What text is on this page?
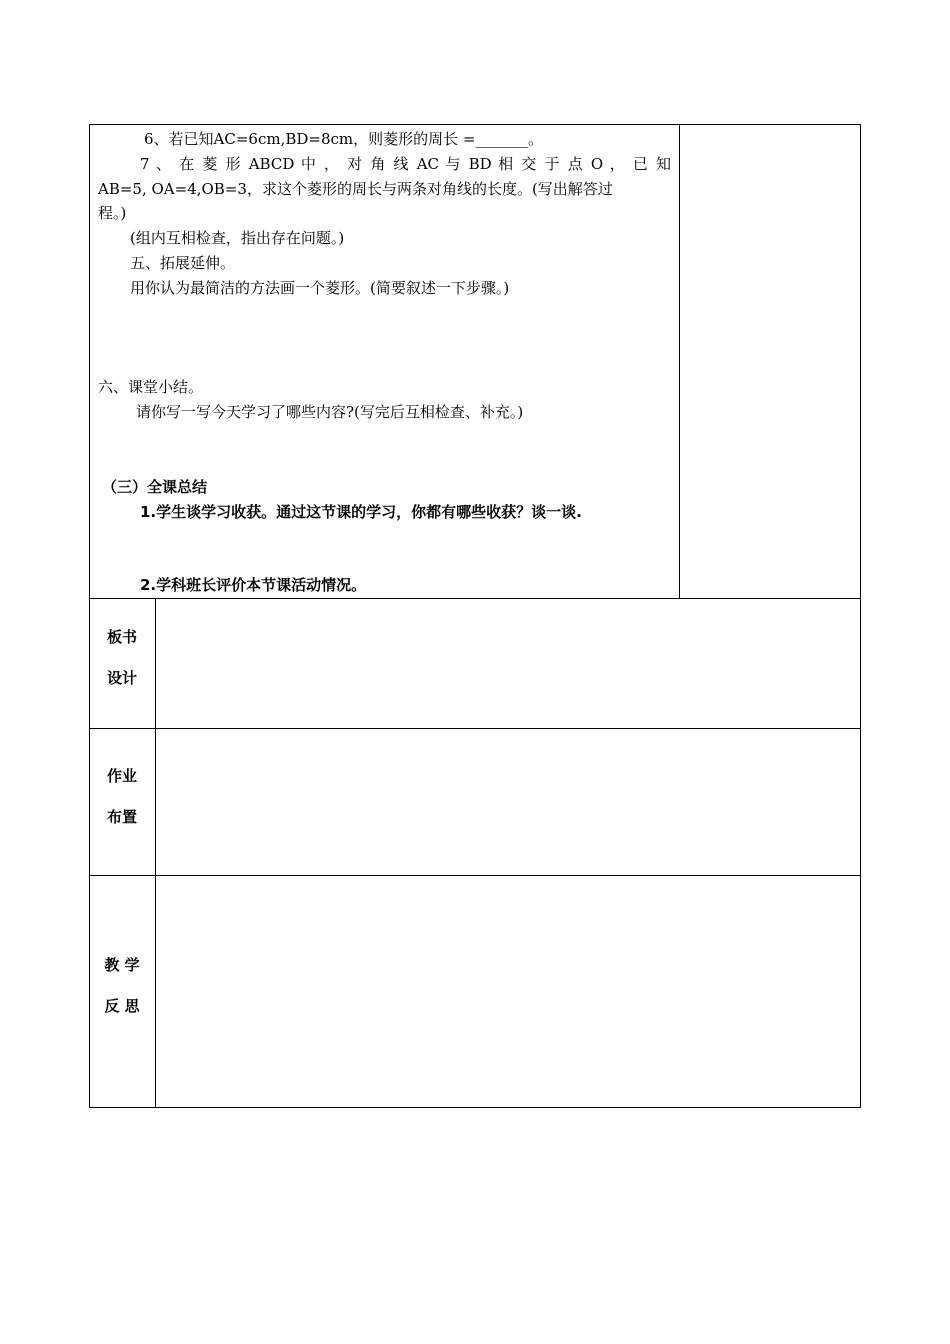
6、若已知AC=6cm,BD=8cm，则菱形的周长 =_______。
7 、 在 菱 形 ABCD 中 ， 对 角 线 AC 与 BD 相 交 于 点 O ， 已 知
AB=5, OA=4,OB=3，求这个菱形的周长与两条对角线的长度。(写出解答过
程。)
(组内互相检查，指出存在问题。)
五、拓展延伸。
用你认为最简洁的方法画一个菱形。(简要叙述一下步骤。)
六、课堂小结。
请你写一写今天学习了哪些内容?(写完后互相检查、补充。)
（三）全课总结
1.学生谈学习收获。通过这节课的学习，你都有哪些收获？谈一谈.
2.学科班长评价本节课活动情况。
板书
设计
作业
布置
教 学
反 思
